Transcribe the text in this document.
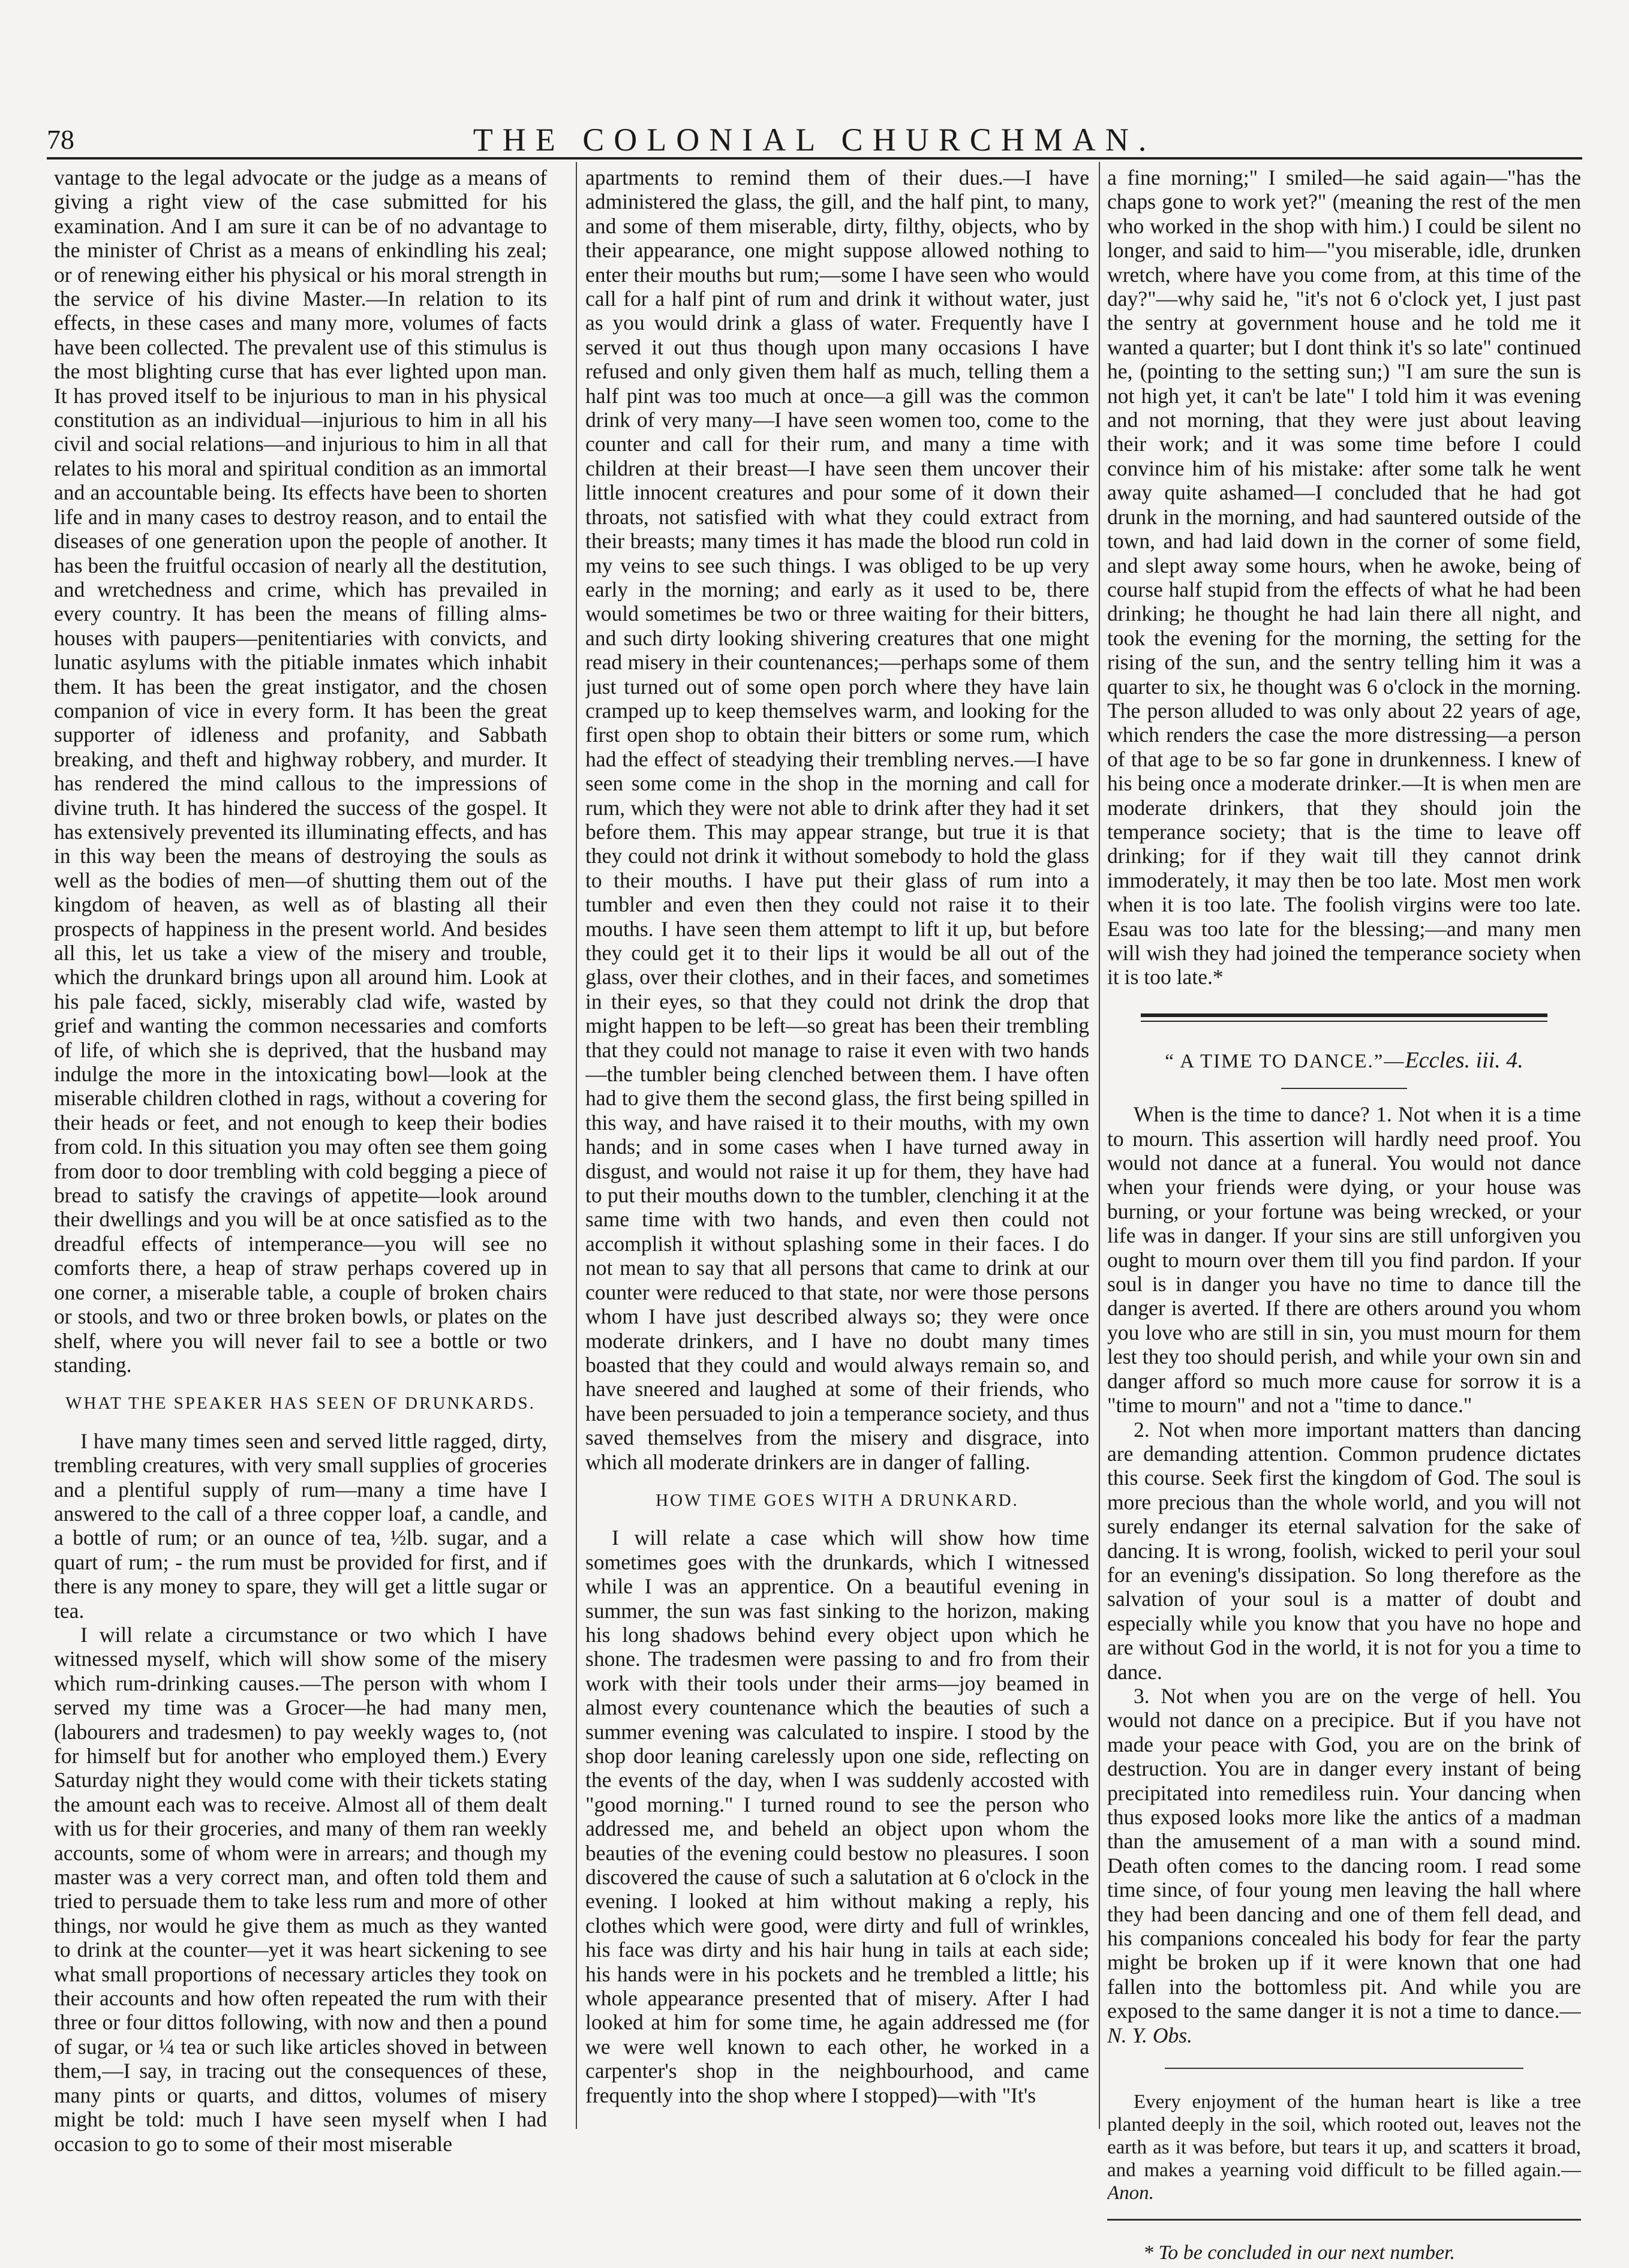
78	THE COLONIAL CHURCHMAN.

vantage to the legal advocate or the judge as a means of giving a right view of the case submitted for his examination. And I am sure it can be of no advantage to the minister of Christ as a means of enkindling his zeal; or of renewing either his physical or his moral strength in the service of his divine Master.—In relation to its effects, in these cases and many more, volumes of facts have been collected. The prevalent use of this stimulus is the most blighting curse that has ever lighted upon man. It has proved itself to be injurious to man in his physical constitution as an individual—injurious to him in all his civil and social relations—and injurious to him in all that relates to his moral and spiritual condition as an immortal and an accountable being. Its effects have been to shorten life and in many cases to destroy reason, and to entail the diseases of one generation upon the people of another. It has been the fruitful occasion of nearly all the destitution, and wretchedness and crime, which has prevailed in every country. It has been the means of filling alms-houses with paupers—penitentiaries with convicts, and lunatic asylums with the pitiable inmates which inhabit them. It has been the great instigator, and the chosen companion of vice in every form. It has been the great supporter of idleness and profanity, and Sabbath breaking, and theft and highway robbery, and murder. It has rendered the mind callous to the impressions of divine truth. It has hindered the success of the gospel. It has extensively prevented its illuminating effects, and has in this way been the means of destroying the souls as well as the bodies of men—of shutting them out of the kingdom of heaven, as well as of blasting all their prospects of happiness in the present world. And besides all this, let us take a view of the misery and trouble, which the drunkard brings upon all around him. Look at his pale faced, sickly, miserably clad wife, wasted by grief and wanting the common necessaries and comforts of life, of which she is deprived, that the husband may indulge the more in the intoxicating bowl—look at the miserable children clothed in rags, without a covering for their heads or feet, and not enough to keep their bodies from cold. In this situation you may often see them going from door to door trembling with cold begging a piece of bread to satisfy the cravings of appetite—look around their dwellings and you will be at once satisfied as to the dreadful effects of intemperance—you will see no comforts there, a heap of straw perhaps covered up in one corner, a miserable table, a couple of broken chairs or stools, and two or three broken bowls, or plates on the shelf, where you will never fail to see a bottle or two standing.

WHAT THE SPEAKER HAS SEEN OF DRUNKARDS.

I have many times seen and served little ragged, dirty, trembling creatures, with very small supplies of groceries and a plentiful supply of rum—many a time have I answered to the call of a three copper loaf, a candle, and a bottle of rum; or an ounce of tea, ½lb. sugar, and a quart of rum; - the rum must be provided for first, and if there is any money to spare, they will get a little sugar or tea.

I will relate a circumstance or two which I have witnessed myself, which will show some of the misery which rum-drinking causes.—The person with whom I served my time was a Grocer—he had many men, (labourers and tradesmen) to pay weekly wages to, (not for himself but for another who employed them.) Every Saturday night they would come with their tickets stating the amount each was to receive. Almost all of them dealt with us for their groceries, and many of them ran weekly accounts, some of whom were in arrears; and though my master was a very correct man, and often told them and tried to persuade them to take less rum and more of other things, nor would he give them as much as they wanted to drink at the counter—yet it was heart sickening to see what small proportions of necessary articles they took on their accounts and how often repeated the rum with their three or four dittos following, with now and then a pound of sugar, or ¼ tea or such like articles shoved in between them,—I say, in tracing out the consequences of these, many pints or quarts, and dittos, volumes of misery might be told: much I have seen myself when I had occasion to go to some of their most miserable

apartments to remind them of their dues.—I have administered the glass, the gill, and the half pint, to many, and some of them miserable, dirty, filthy, objects, who by their appearance, one might suppose allowed nothing to enter their mouths but rum;—some I have seen who would call for a half pint of rum and drink it without water, just as you would drink a glass of water. Frequently have I served it out thus though upon many occasions I have refused and only given them half as much, telling them a half pint was too much at once—a gill was the common drink of very many—I have seen women too, come to the counter and call for their rum, and many a time with children at their breast—I have seen them uncover their little innocent creatures and pour some of it down their throats, not satisfied with what they could extract from their breasts; many times it has made the blood run cold in my veins to see such things. I was obliged to be up very early in the morning; and early as it used to be, there would sometimes be two or three waiting for their bitters, and such dirty looking shivering creatures that one might read misery in their countenances;—perhaps some of them just turned out of some open porch where they have lain cramped up to keep themselves warm, and looking for the first open shop to obtain their bitters or some rum, which had the effect of steadying their trembling nerves.—I have seen some come in the shop in the morning and call for rum, which they were not able to drink after they had it set before them. This may appear strange, but true it is that they could not drink it without somebody to hold the glass to their mouths. I have put their glass of rum into a tumbler and even then they could not raise it to their mouths. I have seen them attempt to lift it up, but before they could get it to their lips it would be all out of the glass, over their clothes, and in their faces, and sometimes in their eyes, so that they could not drink the drop that might happen to be left—so great has been their trembling that they could not manage to raise it even with two hands—the tumbler being clenched between them. I have often had to give them the second glass, the first being spilled in this way, and have raised it to their mouths, with my own hands; and in some cases when I have turned away in disgust, and would not raise it up for them, they have had to put their mouths down to the tumbler, clenching it at the same time with two hands, and even then could not accomplish it without splashing some in their faces. I do not mean to say that all persons that came to drink at our counter were reduced to that state, nor were those persons whom I have just described always so; they were once moderate drinkers, and I have no doubt many times boasted that they could and would always remain so, and have sneered and laughed at some of their friends, who have been persuaded to join a temperance society, and thus saved themselves from the misery and disgrace, into which all moderate drinkers are in danger of falling.

HOW TIME GOES WITH A DRUNKARD.

I will relate a case which will show how time sometimes goes with the drunkards, which I witnessed while I was an apprentice. On a beautiful evening in summer, the sun was fast sinking to the horizon, making his long shadows behind every object upon which he shone. The tradesmen were passing to and fro from their work with their tools under their arms—joy beamed in almost every countenance which the beauties of such a summer evening was calculated to inspire. I stood by the shop door leaning carelessly upon one side, reflecting on the events of the day, when I was suddenly accosted with "good morning." I turned round to see the person who addressed me, and beheld an object upon whom the beauties of the evening could bestow no pleasures. I soon discovered the cause of such a salutation at 6 o'clock in the evening. I looked at him without making a reply, his clothes which were good, were dirty and full of wrinkles, his face was dirty and his hair hung in tails at each side; his hands were in his pockets and he trembled a little; his whole appearance presented that of misery. After I had looked at him for some time, he again addressed me (for we were well known to each other, he worked in a carpenter's shop in the neighbourhood, and came frequently into the shop where I stopped)—with "It's

a fine morning;" I smiled—he said again—"has the chaps gone to work yet?" (meaning the rest of the men who worked in the shop with him.) I could be silent no longer, and said to him—"you miserable, idle, drunken wretch, where have you come from, at this time of the day?"—why said he, "it's not 6 o'clock yet, I just past the sentry at government house and he told me it wanted a quarter; but I dont think it's so late" continued he, (pointing to the setting sun;) "I am sure the sun is not high yet, it can't be late" I told him it was evening and not morning, that they were just about leaving their work; and it was some time before I could convince him of his mistake: after some talk he went away quite ashamed—I concluded that he had got drunk in the morning, and had sauntered outside of the town, and had laid down in the corner of some field, and slept away some hours, when he awoke, being of course half stupid from the effects of what he had been drinking; he thought he had lain there all night, and took the evening for the morning, the setting for the rising of the sun, and the sentry telling him it was a quarter to six, he thought was 6 o'clock in the morning. The person alluded to was only about 22 years of age, which renders the case the more distressing—a person of that age to be so far gone in drunkenness. I knew of his being once a moderate drinker.—It is when men are moderate drinkers, that they should join the temperance society; that is the time to leave off drinking; for if they wait till they cannot drink immoderately, it may then be too late. Most men work when it is too late. The foolish virgins were too late. Esau was too late for the blessing;—and many men will wish they had joined the temperance society when it is too late.*

“ A TIME TO DANCE.”—Eccles. iii. 4.

When is the time to dance? 1. Not when it is a time to mourn. This assertion will hardly need proof. You would not dance at a funeral. You would not dance when your friends were dying, or your house was burning, or your fortune was being wrecked, or your life was in danger. If your sins are still unforgiven you ought to mourn over them till you find pardon. If your soul is in danger you have no time to dance till the danger is averted. If there are others around you whom you love who are still in sin, you must mourn for them lest they too should perish, and while your own sin and danger afford so much more cause for sorrow it is a "time to mourn" and not a "time to dance."

2. Not when more important matters than dancing are demanding attention. Common prudence dictates this course. Seek first the kingdom of God. The soul is more precious than the whole world, and you will not surely endanger its eternal salvation for the sake of dancing. It is wrong, foolish, wicked to peril your soul for an evening's dissipation. So long therefore as the salvation of your soul is a matter of doubt and especially while you know that you have no hope and are without God in the world, it is not for you a time to dance.

3. Not when you are on the verge of hell. You would not dance on a precipice. But if you have not made your peace with God, you are on the brink of destruction. You are in danger every instant of being precipitated into remediless ruin. Your dancing when thus exposed looks more like the antics of a madman than the amusement of a man with a sound mind. Death often comes to the dancing room. I read some time since, of four young men leaving the hall where they had been dancing and one of them fell dead, and his companions concealed his body for fear the party might be broken up if it were known that one had fallen into the bottomless pit. And while you are exposed to the same danger it is not a time to dance.—N. Y. Obs.

Every enjoyment of the human heart is like a tree planted deeply in the soil, which rooted out, leaves not the earth as it was before, but tears it up, and scatters it broad, and makes a yearning void difficult to be filled again.—Anon.

* To be concluded in our next number.
